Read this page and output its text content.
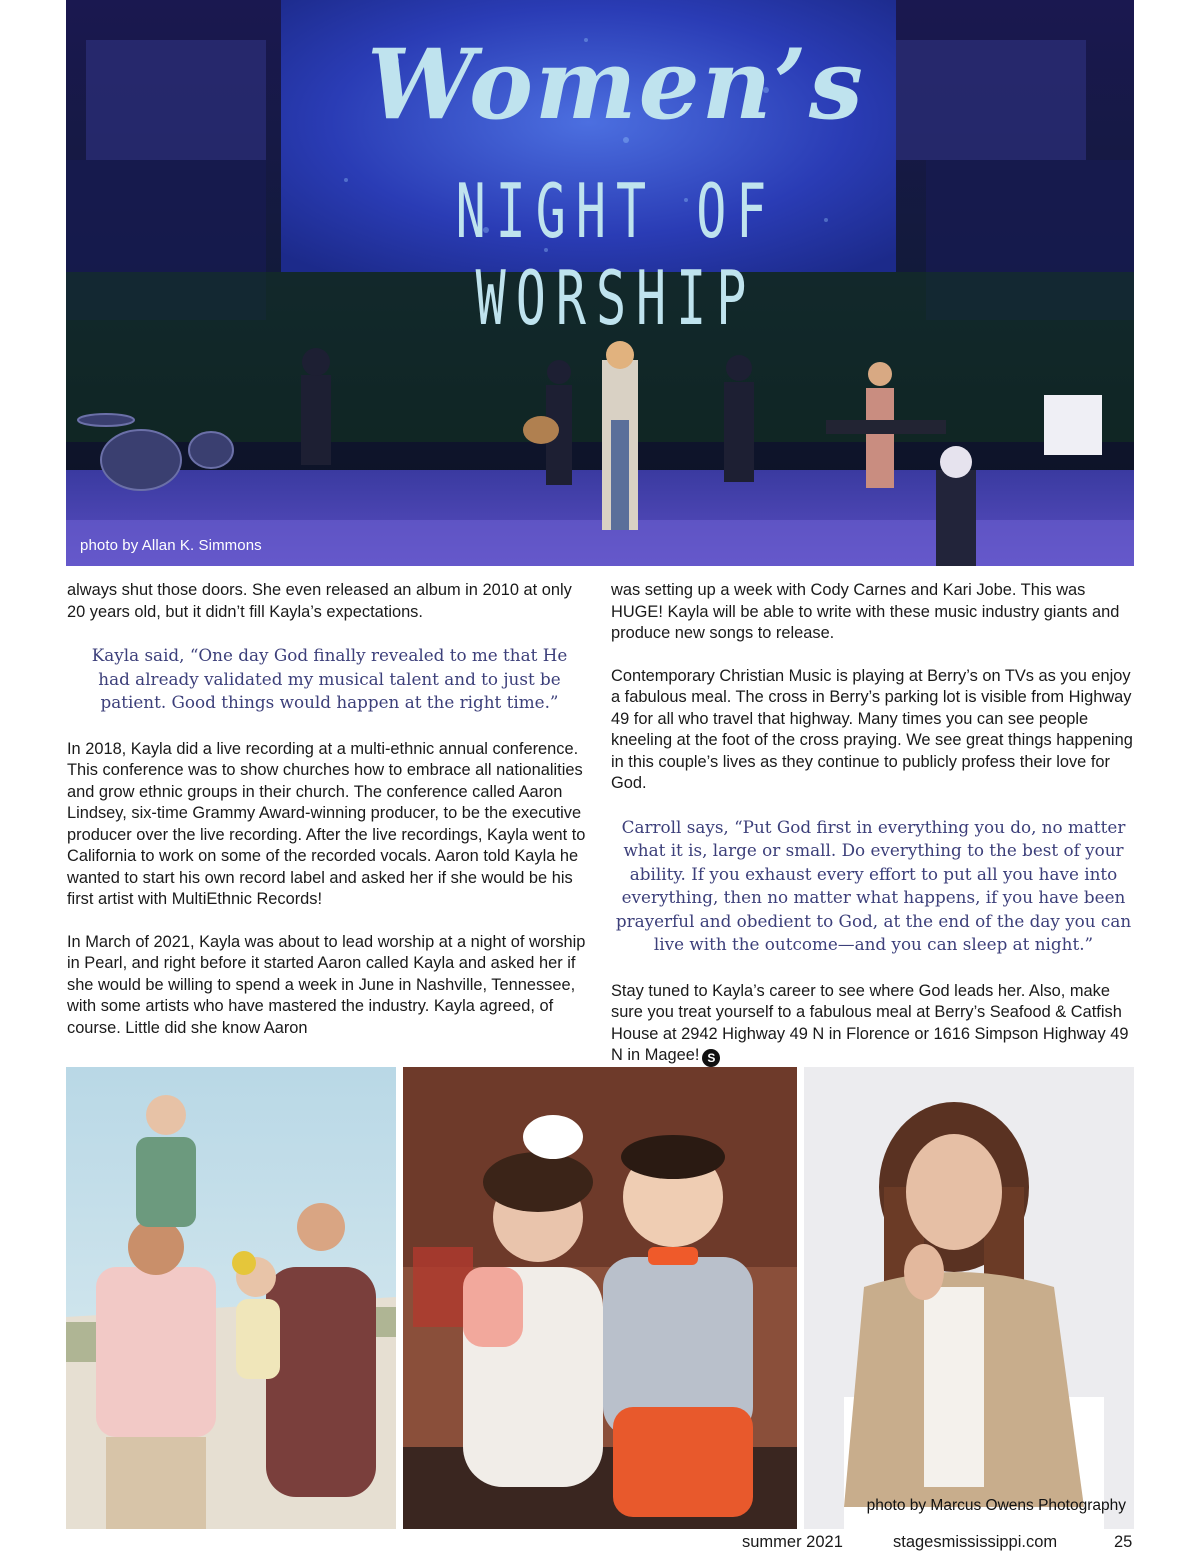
Women’s
NIGHT OF WORSHIP
photo by Allan K. Simmons

always shut those doors. She even released an album in 2010 at only 20 years old, but it didn’t fill Kayla’s expectations.

Kayla said, “One day God finally revealed to me that He had already validated my musical talent and to just be patient. Good things would happen at the right time.”

In 2018, Kayla did a live recording at a multi-ethnic annual conference. This conference was to show churches how to embrace all nationalities and grow ethnic groups in their church. The conference called Aaron Lindsey, six-time Grammy Award-winning producer, to be the executive producer over the live recording. After the live recordings, Kayla went to California to work on some of the recorded vocals. Aaron told Kayla he wanted to start his own record label and asked her if she would be his first artist with MultiEthnic Records!

In March of 2021, Kayla was about to lead worship at a night of worship in Pearl, and right before it started Aaron called Kayla and asked her if she would be willing to spend a week in June in Nashville, Tennessee, with some artists who have mastered the industry. Kayla agreed, of course. Little did she know Aaron

was setting up a week with Cody Carnes and Kari Jobe. This was HUGE! Kayla will be able to write with these music industry giants and produce new songs to release.

Contemporary Christian Music is playing at Berry’s on TVs as you enjoy a fabulous meal. The cross in Berry’s parking lot is visible from Highway 49 for all who travel that highway. Many times you can see people kneeling at the foot of the cross praying. We see great things happening in this couple’s lives as they continue to publicly profess their love for God.

Carroll says, “Put God first in everything you do, no matter what it is, large or small. Do everything to the best of your ability. If you exhaust every effort to put all you have into everything, then no matter what happens, if you have been prayerful and obedient to God, at the end of the day you can live with the outcome—and you can sleep at night.”

Stay tuned to Kayla’s career to see where God leads her. Also, make sure you treat yourself to a fabulous meal at Berry’s Seafood & Catfish House at 2942 Highway 49 N in Florence or 1616 Simpson Highway 49 N in Magee! S

photo by Marcus Owens Photography
summer 2021	stagesmississippi.com	25
